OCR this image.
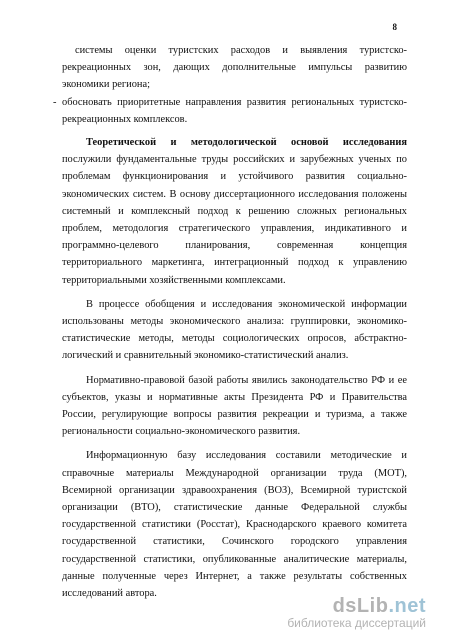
8

системы оценки туристских расходов и выявления туристско-рекреационных зон, дающих дополнительные импульсы развитию экономики региона;

- обосновать приоритетные направления развития региональных туристско-рекреационных комплексов.

Теоретической и методологической основой исследования послужили фундаментальные труды российских и зарубежных ученых по проблемам функционирования и устойчивого развития социально-экономических систем. В основу диссертационного исследования положены системный и комплексный подход к решению сложных региональных проблем, методология стратегического управления, индикативного и программно-целевого планирования, современная концепция территориального маркетинга, интеграционный подход к управлению территориальными хозяйственными комплексами.

В процессе обобщения и исследования экономической информации использованы методы экономического анализа: группировки, экономико-статистические методы, методы социологических опросов, абстрактно-логический и сравнительный экономико-статистический анализ.

Нормативно-правовой базой работы явились законодательство РФ и ее субъектов, указы и нормативные акты Президента РФ и Правительства России, регулирующие вопросы развития рекреации и туризма, а также региональности социально-экономического развития.

Информационную базу исследования составили методические и справочные материалы Международной организации труда (МОТ), Всемирной организации здравоохранения (ВОЗ), Всемирной туристской организации (ВТО), статистические данные Федеральной службы государственной статистики (Росстат), Краснодарского краевого комитета государственной статистики, Сочинского городского управления государственной статистики, опубликованные аналитические материалы, данные полученные через Интернет, а также результаты собственных исследований автора.

dsLib.net
библиотека диссертаций
